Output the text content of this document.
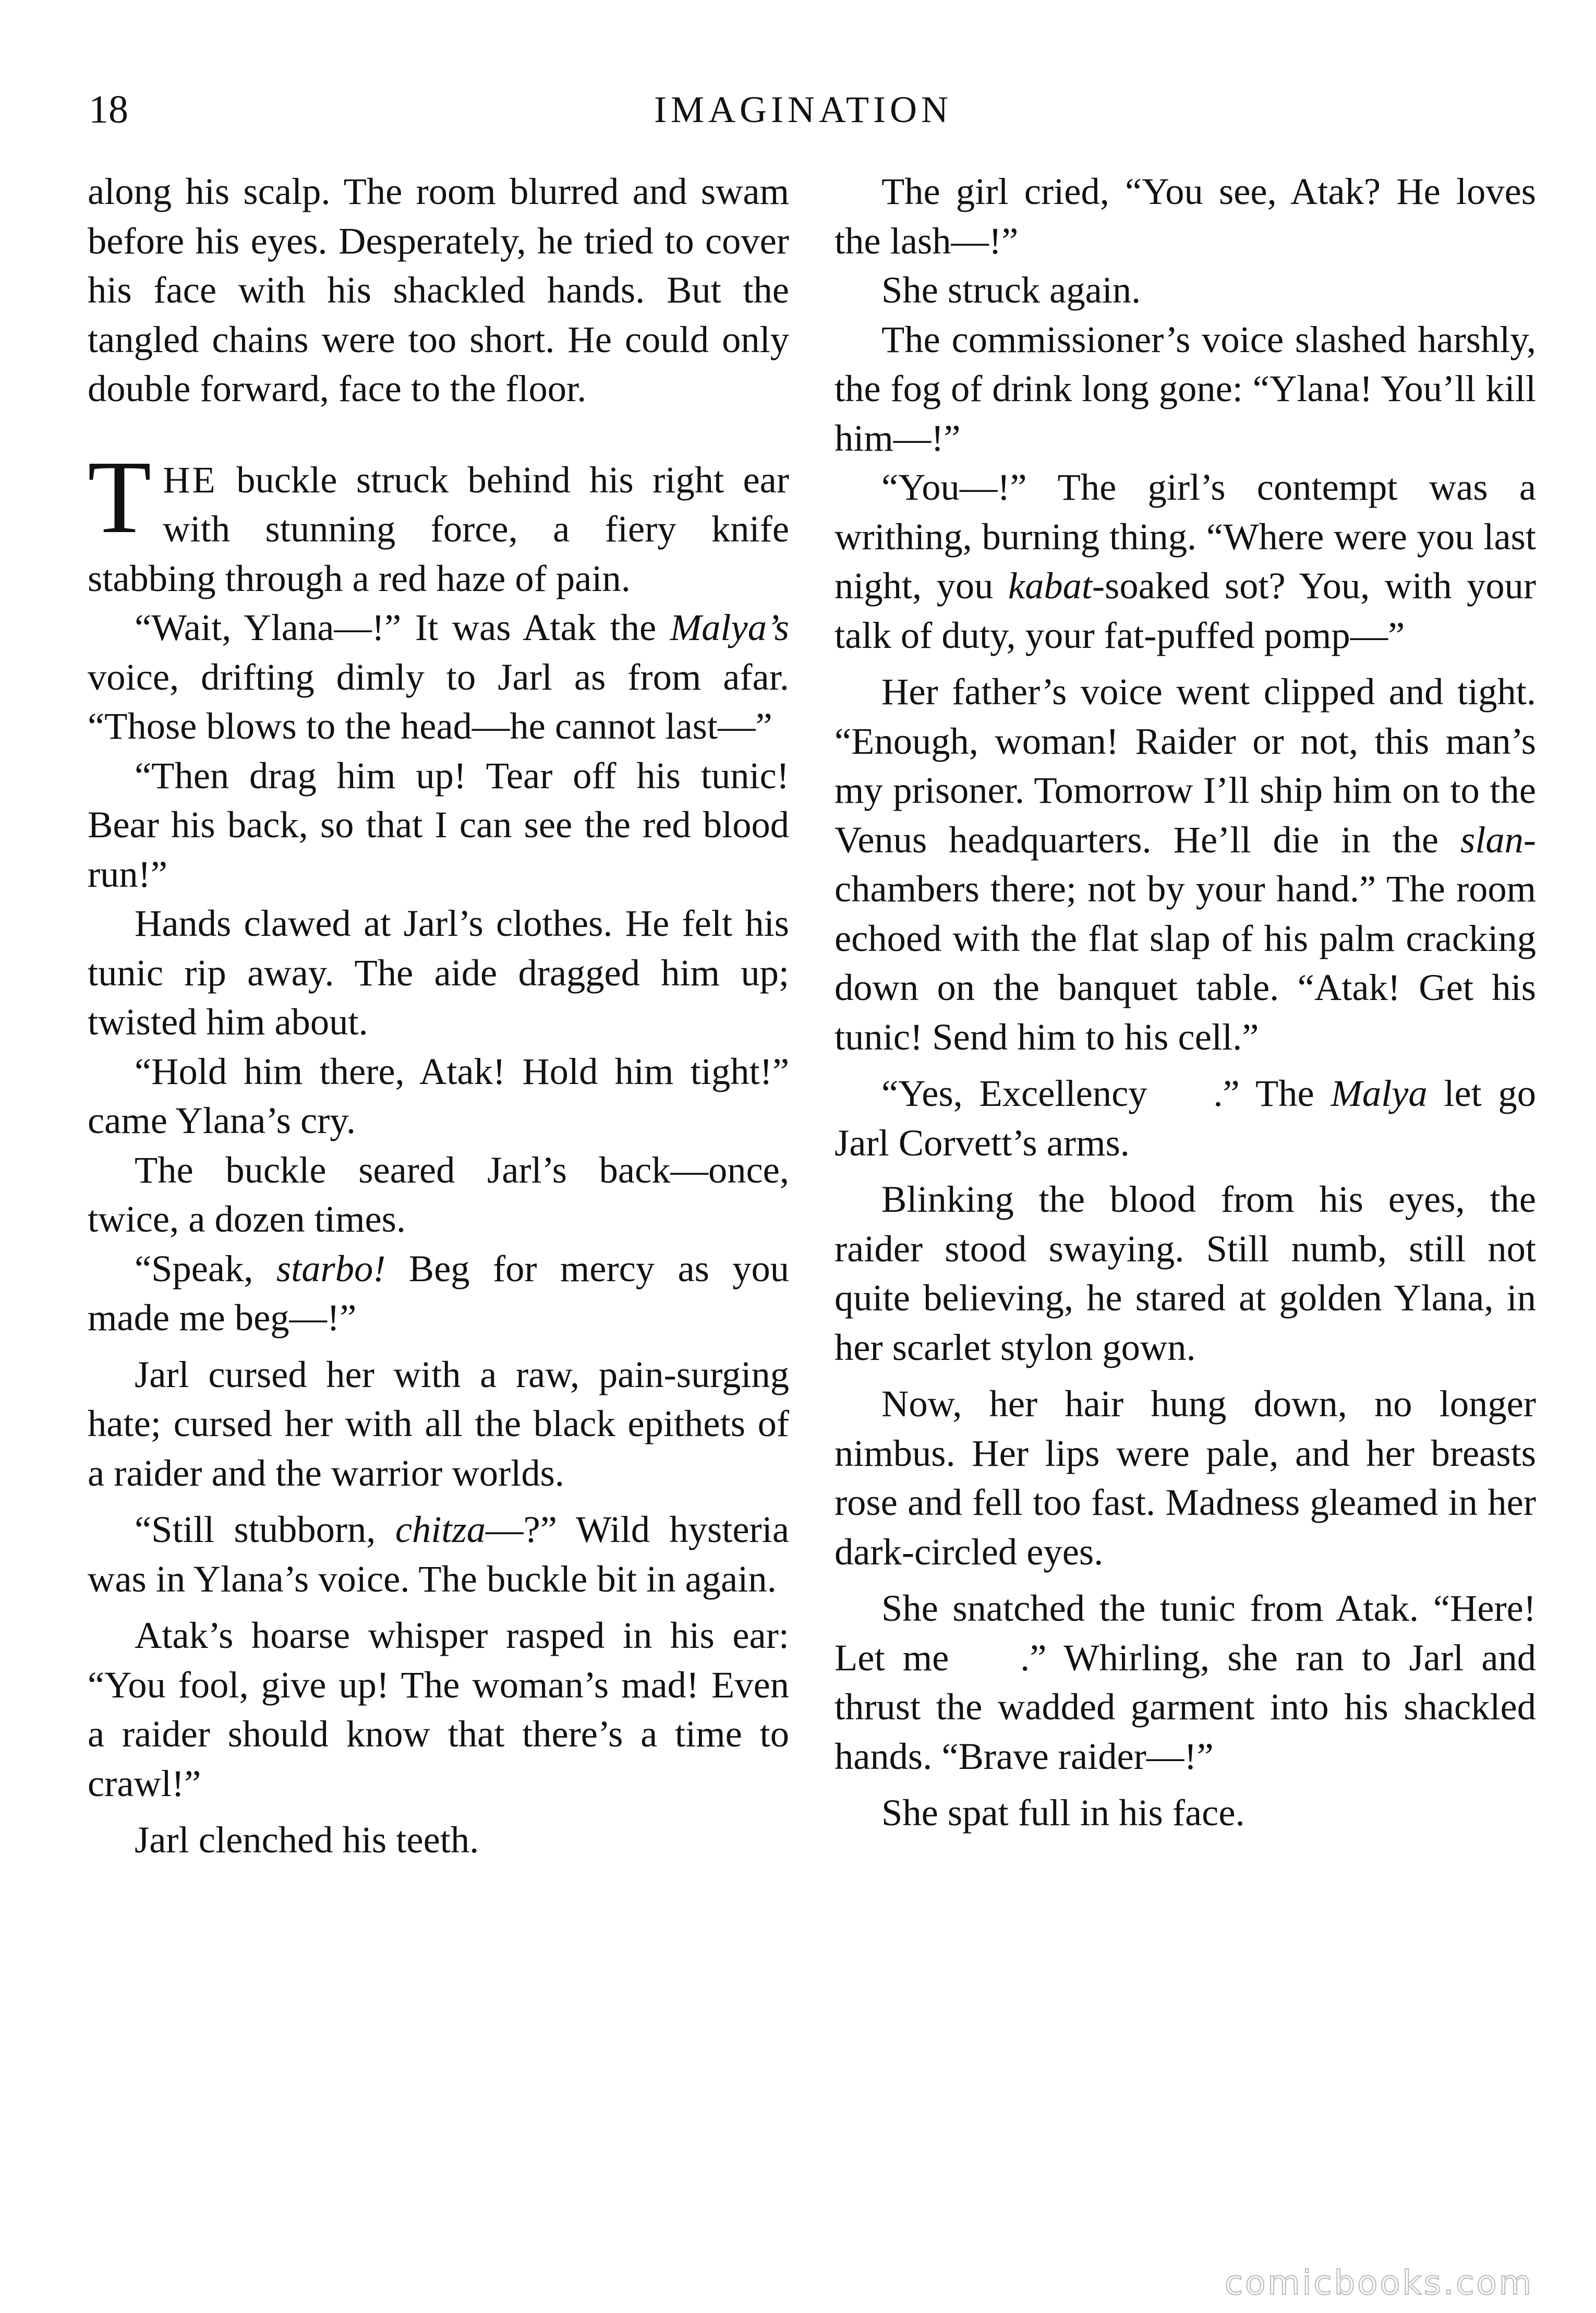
18	IMAGINATION

along his scalp. The room blurred and swam before his eyes. Desperately, he tried to cover his face with his shackled hands. But the tangled chains were too short. He could only double forward, face to the floor.

THE buckle struck behind his right ear with stunning force, a fiery knife stabbing through a red haze of pain.

“Wait, Ylana—!” It was Atak the Malya’s voice, drifting dimly to Jarl as from afar. “Those blows to the head—he cannot last—”

“Then drag him up! Tear off his tunic! Bear his back, so that I can see the red blood run!”

Hands clawed at Jarl’s clothes. He felt his tunic rip away. The aide dragged him up; twisted him about.

“Hold him there, Atak! Hold him tight!” came Ylana’s cry.

The buckle seared Jarl’s back—once, twice, a dozen times.

“Speak, starbo! Beg for mercy as you made me beg—!”

Jarl cursed her with a raw, pain-surging hate; cursed her with all the black epithets of a raider and the warrior worlds.

“Still stubborn, chitza—?” Wild hysteria was in Ylana’s voice. The buckle bit in again.

Atak’s hoarse whisper rasped in his ear: “You fool, give up! The woman’s mad! Even a raider should know that there’s a time to crawl!”

Jarl clenched his teeth.

The girl cried, “You see, Atak? He loves the lash—!”

She struck again.

The commissioner’s voice slashed harshly, the fog of drink long gone: “Ylana! You’ll kill him—!”

“You—!” The girl’s contempt was a writhing, burning thing. “Where were you last night, you kabat-soaked sot? You, with your talk of duty, your fat-puffed pomp—”

Her father’s voice went clipped and tight. “Enough, woman! Raider or not, this man’s my prisoner. Tomorrow I’ll ship him on to the Venus headquarters. He’ll die in the slan-chambers there; not by your hand.” The room echoed with the flat slap of his palm cracking down on the banquet table. “Atak! Get his tunic! Send him to his cell.”

“Yes, Excellency    .” The Malya let go Jarl Corvett’s arms.

Blinking the blood from his eyes, the raider stood swaying. Still numb, still not quite believing, he stared at golden Ylana, in her scarlet stylon gown.

Now, her hair hung down, no longer nimbus. Her lips were pale, and her breasts rose and fell too fast. Madness gleamed in her dark-circled eyes.

She snatched the tunic from Atak. “Here! Let me    .” Whirling, she ran to Jarl and thrust the wadded garment into his shackled hands. “Brave raider—!”

She spat full in his face.

comicbooks.com
